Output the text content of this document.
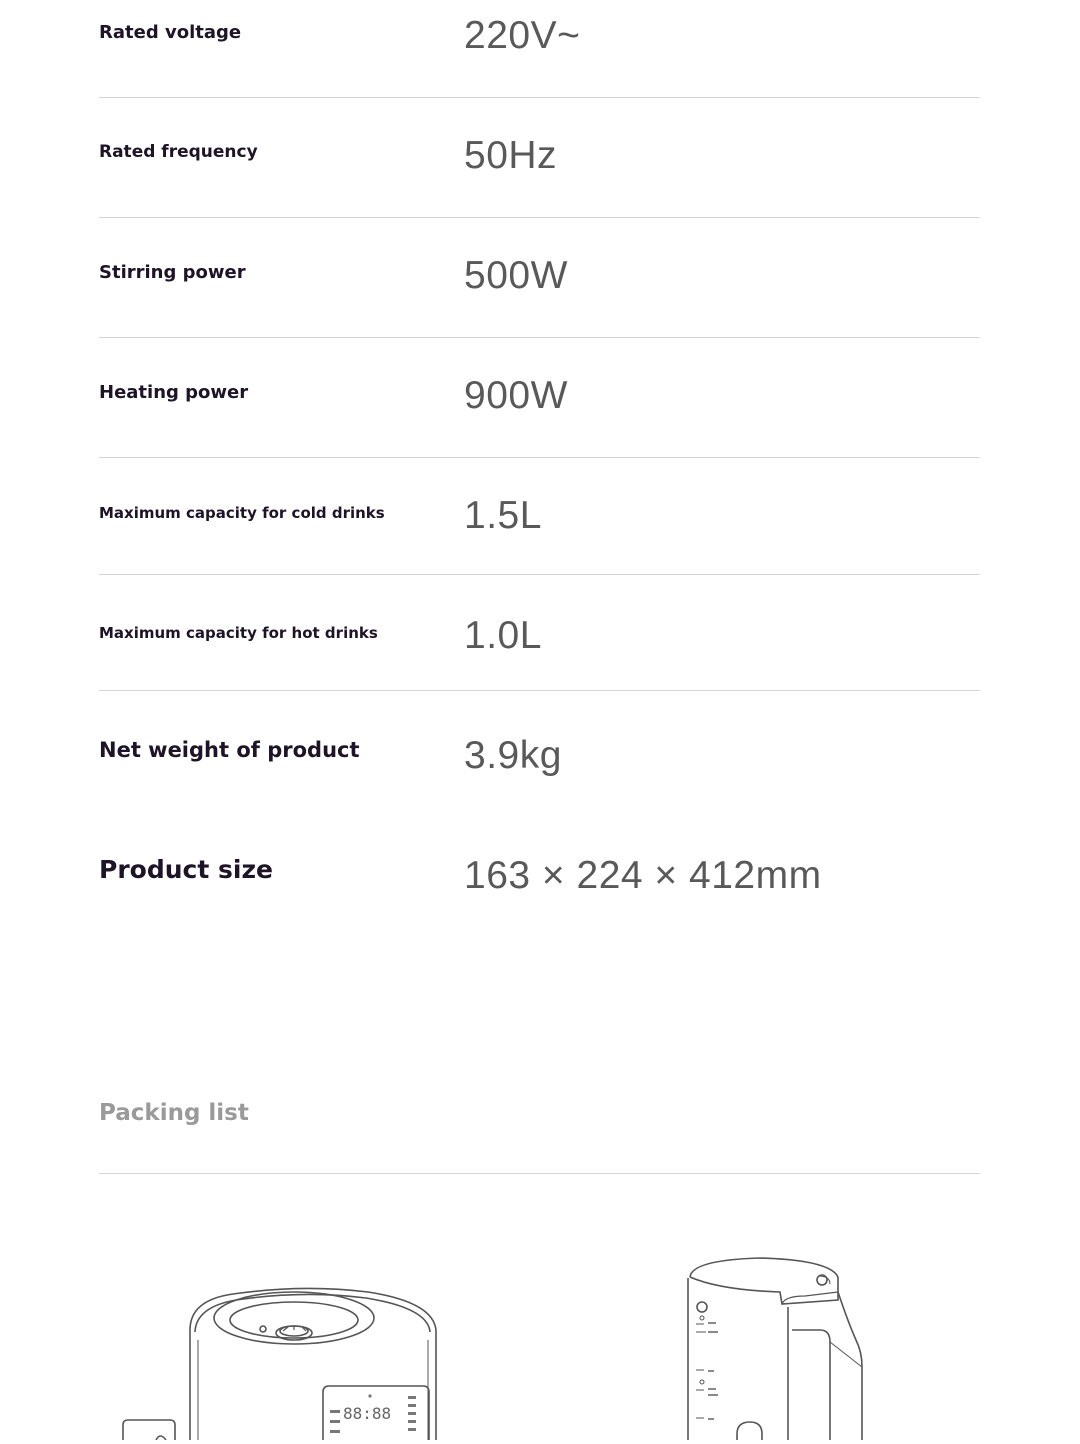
Rated voltage	220V~
Rated frequency	50Hz
Stirring power	500W
Heating power	900W
Maximum capacity for cold drinks 1.5L
Maximum capacity for hot drinks 1.0L
Net weight of product	3.9kg
Product size	163 × 224 × 412mm
Packing list
88:88
